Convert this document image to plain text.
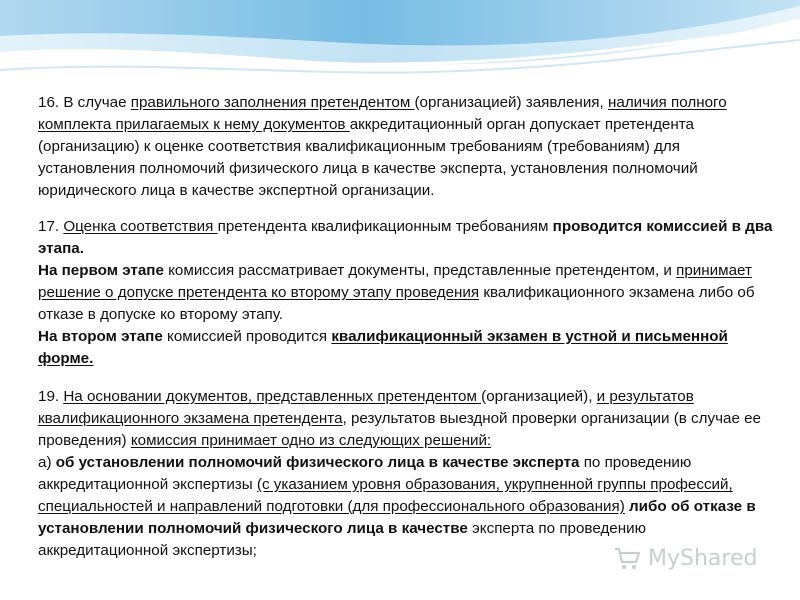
16. В случае правильного заполнения претендентом (организацией) заявления, наличия полного комплекта прилагаемых к нему документов аккредитационный орган допускает претендента (организацию) к оценке соответствия квалификационным требованиям (требованиям) для установления полномочий физического лица в качестве эксперта, установления полномочий юридического лица в качестве экспертной организации.

17. Оценка соответствия претендента квалификационным требованиям проводится комиссией в два этапа.

На первом этапе комиссия рассматривает документы, представленные претендентом, и принимает решение о допуске претендента ко второму этапу проведения квалификационного экзамена либо об отказе в допуске ко второму этапу.

На втором этапе комиссией проводится квалификационный экзамен в устной и письменной форме.

19. На основании документов, представленных претендентом (организацией), и результатов квалификационного экзамена претендента, результатов выездной проверки организации (в случае ее проведения) комиссия принимает одно из следующих решений:

а) об установлении полномочий физического лица в качестве эксперта по проведению аккредитационной экспертизы (с указанием уровня образования, укрупненной группы профессий, специальностей и направлений подготовки (для профессионального образования) либо об отказе в установлении полномочий физического лица в качестве эксперта по проведению аккредитационной экспертизы;	MyShared
